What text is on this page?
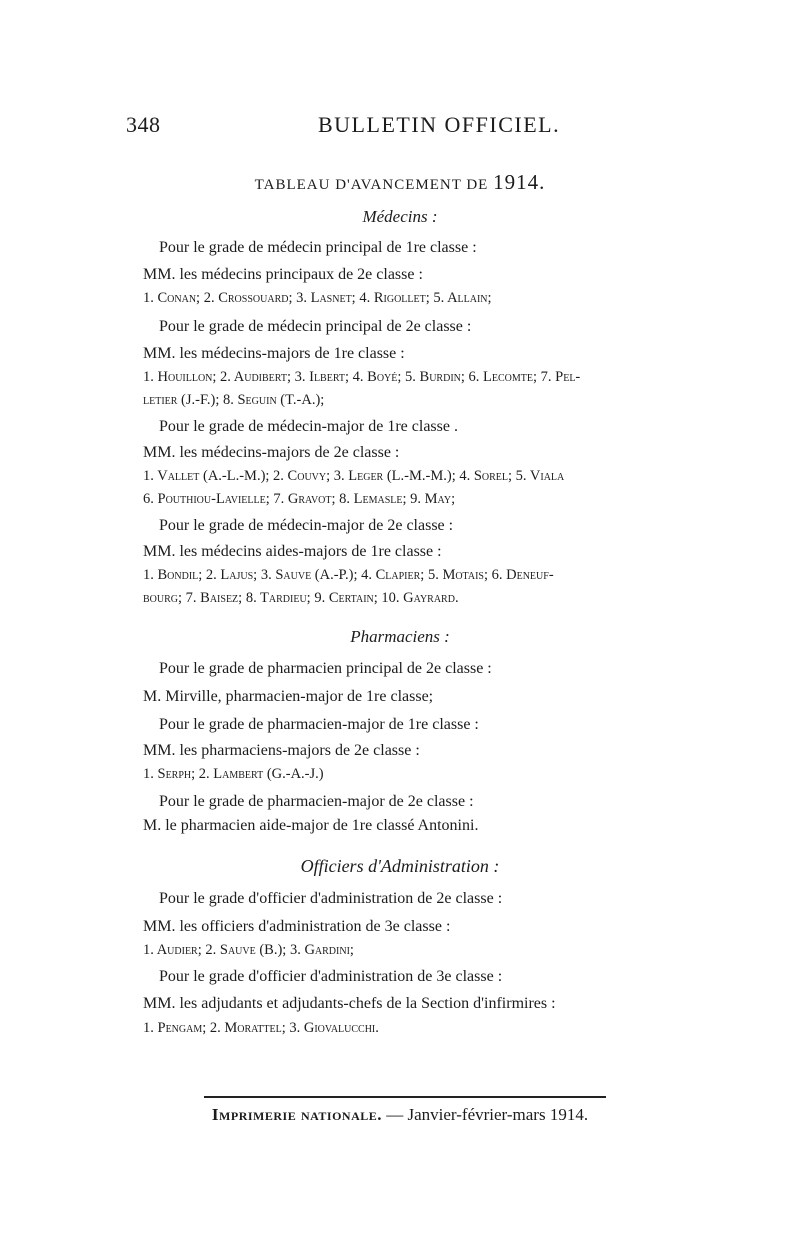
348	BULLETIN OFFICIEL.
TABLEAU D'AVANCEMENT DE 1914.
Médecins :
Pour le grade de médecin principal de 1re classe :
MM. les médecins principaux de 2e classe :
1. Conan; 2. Crossouard; 3. Lasnet; 4. Rigollet; 5. Allain;
Pour le grade de médecin principal de 2e classe :
MM. les médecins-majors de 1re classe :
1. Houillon; 2. Audibert; 3. Ilbert; 4. Boyé; 5. Burdin; 6. Lecomte; 7. Pel-
letier (J.-F.); 8. Seguin (T.-A.);
Pour le grade de médecin-major de 1re classe .
MM. les médecins-majors de 2e classe :
1. Vallet (A.-L.-M.); 2. Couvy; 3. Leger (L.-M.-M.); 4. Sorel; 5. Viala
6. Pouthiou-Lavielle; 7. Gravot; 8. Lemasle; 9. May;
Pour le grade de médecin-major de 2e classe :
MM. les médecins aides-majors de 1re classe :
1. Bondil; 2. Lajus; 3. Sauve (A.-P.); 4. Clapier; 5. Motais; 6. Deneuf-
bourg; 7. Baisez; 8. Tardieu; 9. Certain; 10. Gayrard.
Pharmaciens :
Pour le grade de pharmacien principal de 2e classe :
M. Mirville, pharmacien-major de 1re classe;
Pour le grade de pharmacien-major de 1re classe :
MM. les pharmaciens-majors de 2e classe :
1. Serph; 2. Lambert (G.-A.-J.)
Pour le grade de pharmacien-major de 2e classe :
M. le pharmacien aide-major de 1re classé Antonini.
Officiers d'Administration :
Pour le grade d'officier d'administration de 2e classe :
MM. les officiers d'administration de 3e classe :
1. Audier; 2. Sauve (B.); 3. Gardini;
Pour le grade d'officier d'administration de 3e classe :
MM. les adjudants et adjudants-chefs de la Section d'infirmires :
1. Pengam; 2. Morattel; 3. Giovalucchi.
Imprimerie nationale. — Janvier-février-mars 1914.
